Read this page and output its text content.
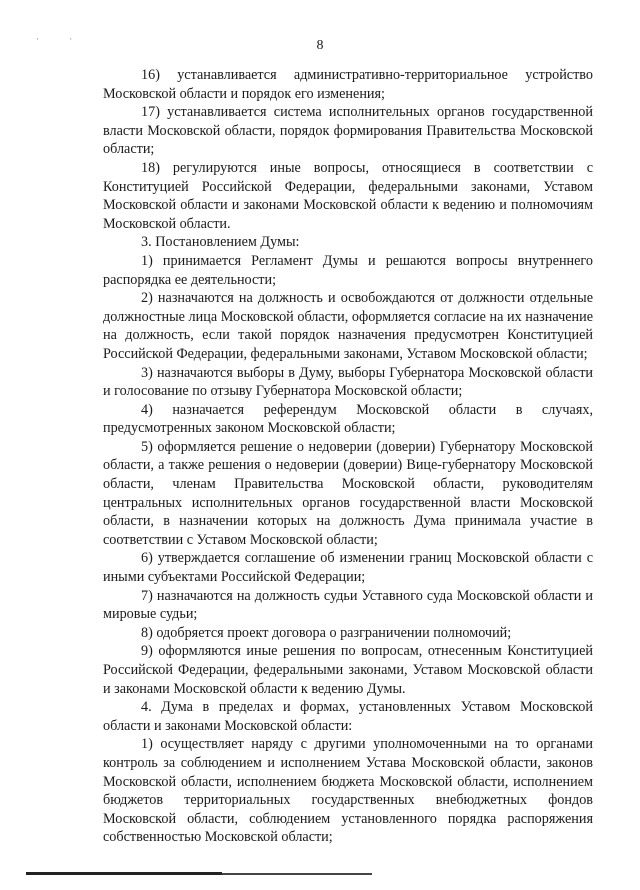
· ·	8

16) устанавливается административно-территориальное устройство Московской области и порядок его изменения;

17) устанавливается система исполнительных органов государственной власти Московской области, порядок формирования Правительства Московской области;

18) регулируются иные вопросы, относящиеся в соответствии с Конституцией Российской Федерации, федеральными законами, Уставом Московской области и законами Московской области к ведению и полномочиям Московской области.

3. Постановлением Думы:

1) принимается Регламент Думы и решаются вопросы внутреннего распорядка ее деятельности;

2) назначаются на должность и освобождаются от должности отдельные должностные лица Московской области, оформляется согласие на их назначение на должность, если такой порядок назначения предусмотрен Конституцией Российской Федерации, федеральными законами, Уставом Московской области;

3) назначаются выборы в Думу, выборы Губернатора Московской области и голосование по отзыву Губернатора Московской области;

4) назначается референдум Московской области в случаях, предусмотренных законом Московской области;

5) оформляется решение о недоверии (доверии) Губернатору Московской области, а также решения о недоверии (доверии) Вице-губернатору Московской области, членам Правительства Московской области, руководителям центральных исполнительных органов государственной власти Московской области, в назначении которых на должность Дума принимала участие в соответствии с Уставом Московской области;

6) утверждается соглашение об изменении границ Московской области с иными субъектами Российской Федерации;

7) назначаются на должность судьи Уставного суда Московской области и мировые судьи;

8) одобряется проект договора о разграничении полномочий;

9) оформляются иные решения по вопросам, отнесенным Конституцией Российской Федерации, федеральными законами, Уставом Московской области и законами Московской области к ведению Думы.

4. Дума в пределах и формах, установленных Уставом Московской области и законами Московской области:

1) осуществляет наряду с другими уполномоченными на то органами контроль за соблюдением и исполнением Устава Московской области, законов Московской области, исполнением бюджета Московской области, исполнением бюджетов территориальных государственных внебюджетных фондов Московской области, соблюдением установленного порядка распоряжения собственностью Московской области;
